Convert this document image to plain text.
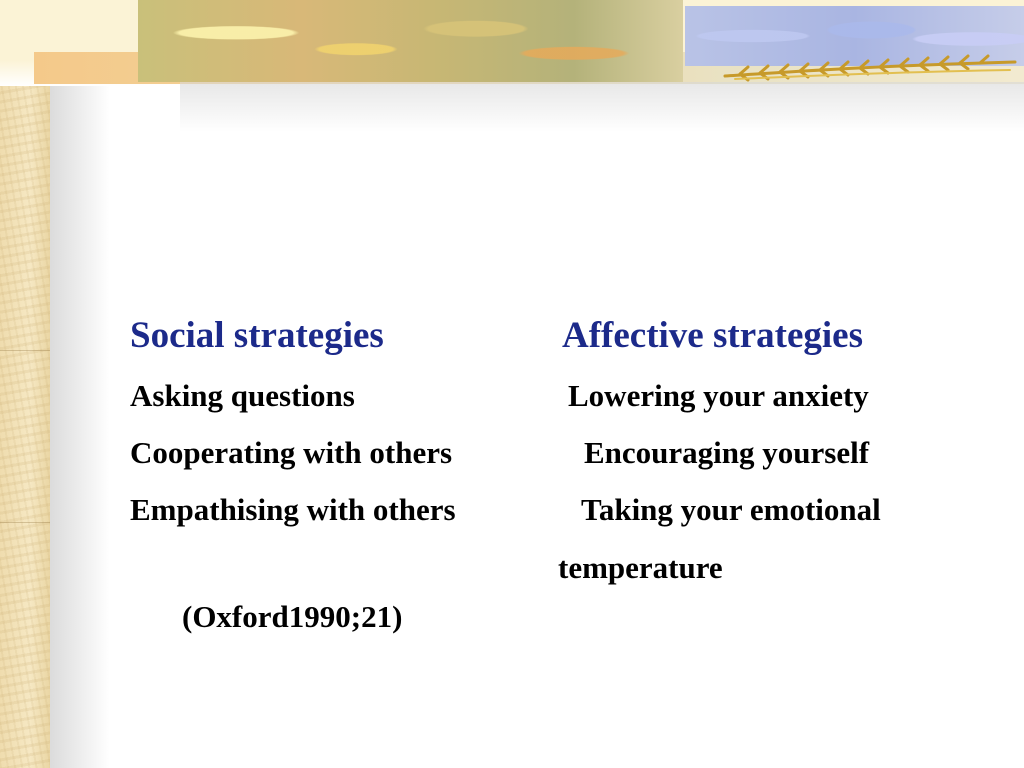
Social strategies	Affective strategies
Asking questions	Lowering your anxiety
Cooperating with others	Encouraging yourself
Empathising with others	Taking your emotional
temperature
(Oxford1990;21)
